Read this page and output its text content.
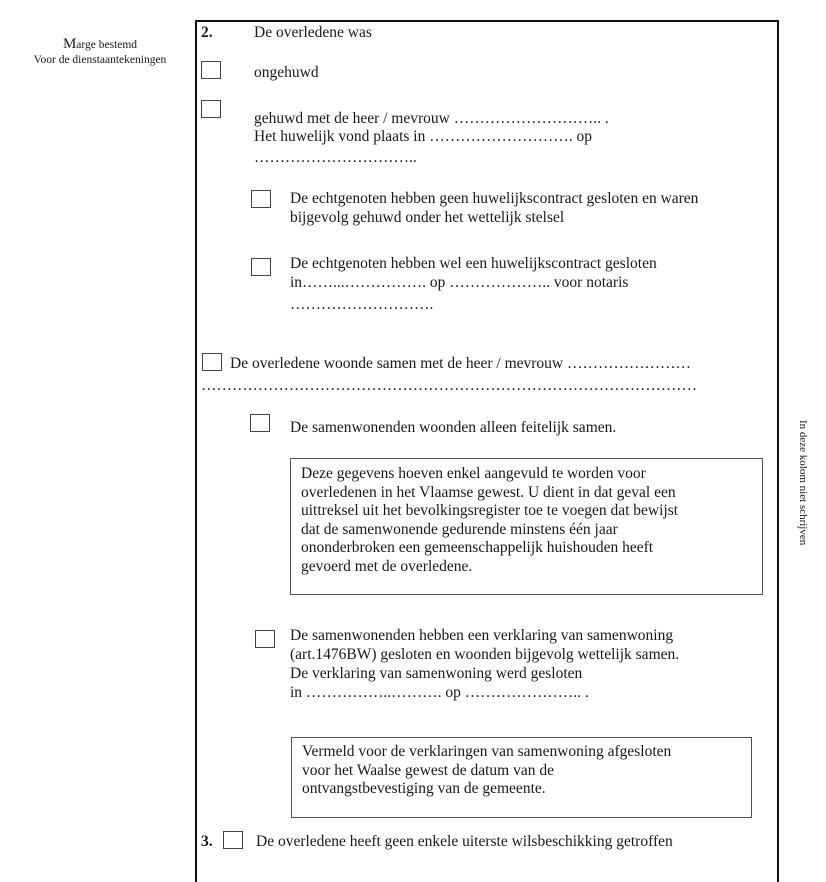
Marge bestemd
Voor de dienstaantekeningen
2.	De overledene was
ongehuwd
gehuwd met de heer / mevrouw ……………………….. .
Het huwelijk vond plaats in ………………………. op
…………………………..
De echtgenoten hebben geen huwelijkscontract gesloten en waren
bijgevolg gehuwd onder het wettelijk stelsel
De echtgenoten hebben wel een huwelijkscontract gesloten
in……...……………. op ……………….. voor notaris
……………………….
De overledene woonde samen met de heer / mevrouw ……………………
……………………………………………………………………………………
De samenwonenden woonden alleen feitelijk samen.
Deze gegevens hoeven enkel aangevuld te worden voor
overledenen in het Vlaamse gewest. U dient in dat geval een
uittreksel uit het bevolkingsregister toe te voegen dat bewijst
dat de samenwonende gedurende minstens één jaar
ononderbroken een gemeenschappelijk huishouden heeft
gevoerd met de overledene.
De samenwonenden hebben een verklaring van samenwoning
(art.1476BW) gesloten en woonden bijgevolg wettelijk samen.
De verklaring van samenwoning werd gesloten
in ……………..………. op ………………….. .
Vermeld voor de verklaringen van samenwoning afgesloten
voor het Waalse gewest de datum van de
ontvangstbevestiging van de gemeente.
3.	De overledene heeft geen enkele uiterste wilsbeschikking getroffen
In deze kolom niet schrijven
